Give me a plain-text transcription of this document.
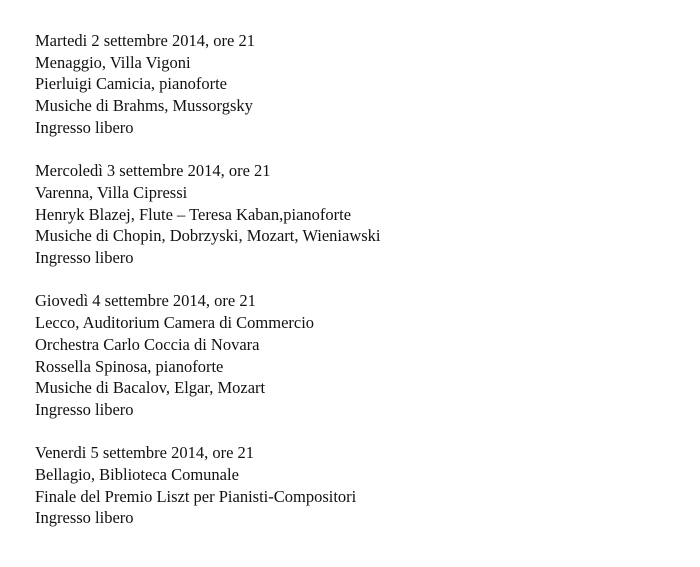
Martedi 2 settembre 2014, ore 21
Menaggio, Villa Vigoni
Pierluigi Camicia, pianoforte
Musiche di Brahms, Mussorgsky
Ingresso libero
Mercoledì 3 settembre 2014, ore 21
Varenna, Villa Cipressi
Henryk Blazej, Flute – Teresa Kaban,pianoforte
Musiche di Chopin, Dobrzyski, Mozart, Wieniawski
Ingresso libero
Giovedì 4 settembre 2014, ore 21
Lecco, Auditorium Camera di Commercio
Orchestra Carlo Coccia di Novara
Rossella Spinosa, pianoforte
Musiche di Bacalov, Elgar, Mozart
Ingresso libero
Venerdi 5 settembre 2014, ore 21
Bellagio, Biblioteca Comunale
Finale del Premio Liszt per Pianisti-Compositori
Ingresso libero
